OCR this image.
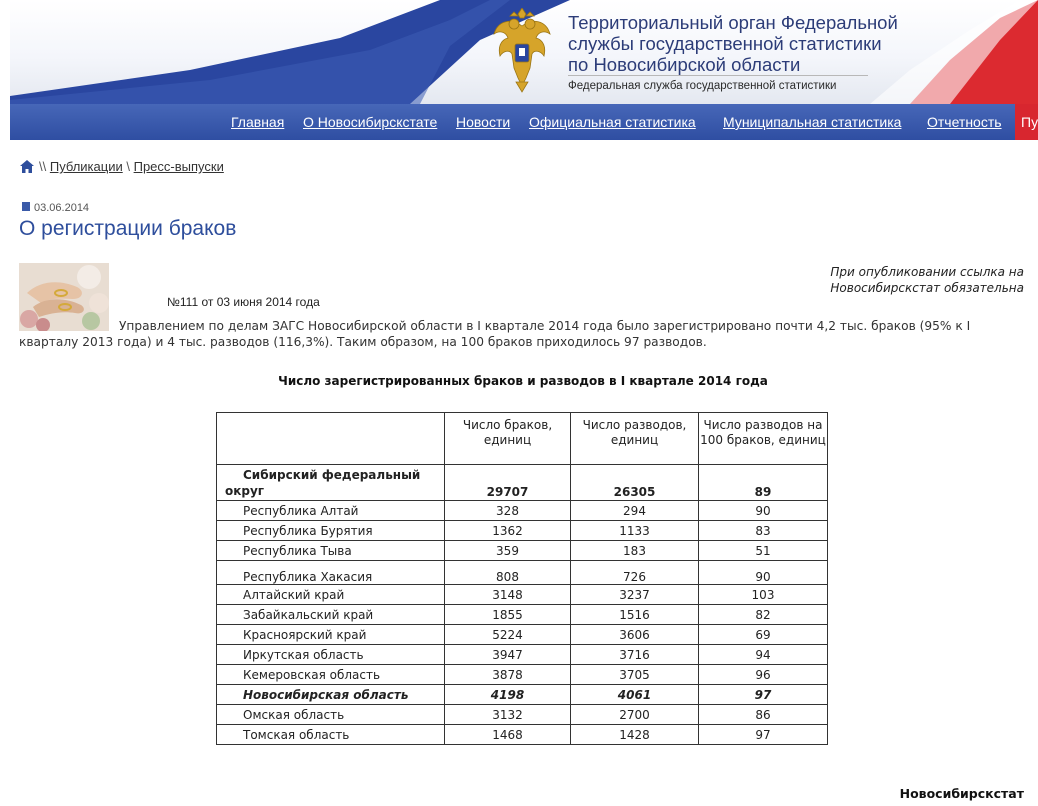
Территориальный орган Федеральной
службы государственной статистики
по Новосибирской области
Федеральная служба государственной статистики
Главная О Новосибирскстате Новости Официальная статистика Муниципальная статистика Отчетность Пу
\\ Публикации \ Пресс-выпуски
03.06.2014
О регистрации браков
При опубликовании ссылка на
Новосибирскстат обязательна
№111 от 03 июня 2014 года
Управлением по делам ЗАГС Новосибирской области в I квартале 2014 года было зарегистрировано почти 4,2 тыс. браков (95% к I кварталу 2013 года) и 4 тыс. разводов (116,3%). Таким образом, на 100 браков приходилось 97 разводов.
Число зарегистрированных браков и разводов в I квартале 2014 года
	Число браков, единиц	Число разводов, единиц	Число разводов на 100 браков, единиц
Сибирский федеральный округ	29707	26305	89
Республика Алтай	328	294	90
Республика Бурятия	1362	1133	83
Республика Тыва	359	183	51
Республика Хакасия	808	726	90
Алтайский край	3148	3237	103
Забайкальский край	1855	1516	82
Красноярский край	5224	3606	69
Иркутская область	3947	3716	94
Кемеровская область	3878	3705	96
Новосибирская область	4198	4061	97
Омская область	3132	2700	86
Томская область	1468	1428	97
Новосибирскстат
